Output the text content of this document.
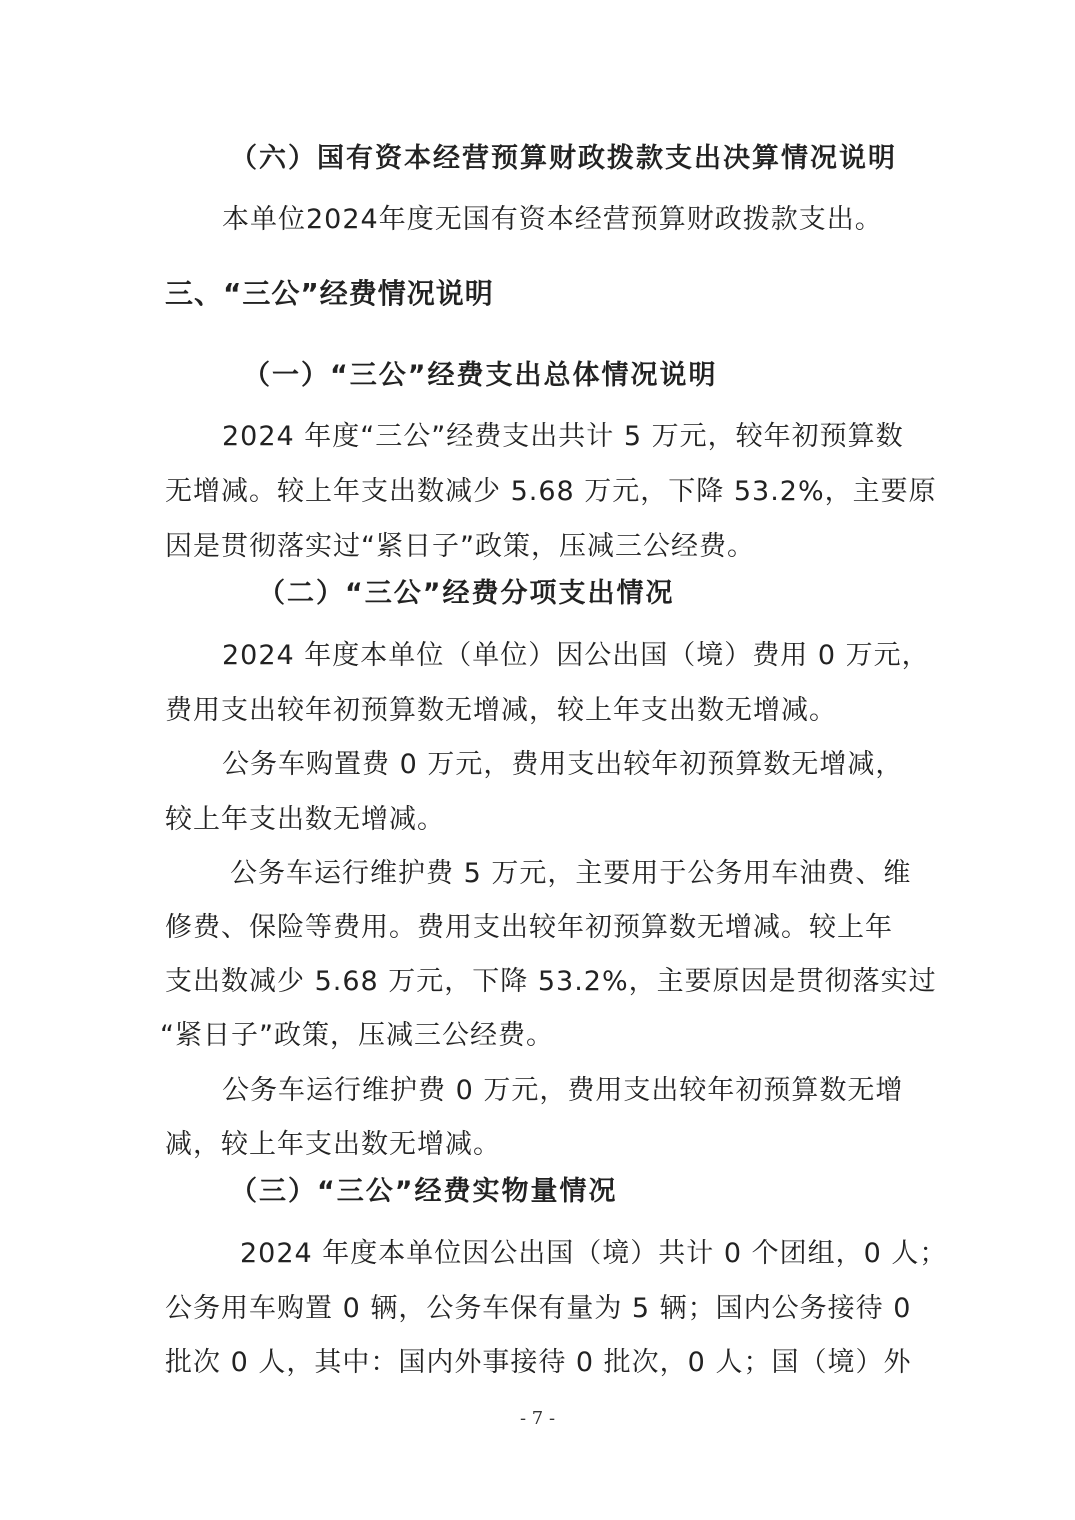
（六）国有资本经营预算财政拨款支出决算情况说明
本单位2024年度无国有资本经营预算财政拨款支出。
三、“三公”经费情况说明
（一）“三公”经费支出总体情况说明
2024 年度“三公”经费支出共计 5 万元，较年初预算数
无增减。较上年支出数减少 5.68 万元，下降 53.2%，主要原
因是贯彻落实过“紧日子”政策，压减三公经费。
（二）“三公”经费分项支出情况
2024 年度本单位（单位）因公出国（境）费用 0 万元，
费用支出较年初预算数无增减，较上年支出数无增减。
公务车购置费 0 万元，费用支出较年初预算数无增减，
较上年支出数无增减。
公务车运行维护费 5 万元，主要用于公务用车油费、维
修费、保险等费用。费用支出较年初预算数无增减。较上年
支出数减少 5.68 万元，下降 53.2%，主要原因是贯彻落实过
“紧日子”政策，压减三公经费。
公务车运行维护费 0 万元，费用支出较年初预算数无增
减，较上年支出数无增减。
（三）“三公”经费实物量情况
2024 年度本单位因公出国（境）共计 0 个团组，0 人；
公务用车购置 0 辆，公务车保有量为 5 辆；国内公务接待 0
批次 0 人，其中：国内外事接待 0 批次，0 人；国（境）外
- 7 -
